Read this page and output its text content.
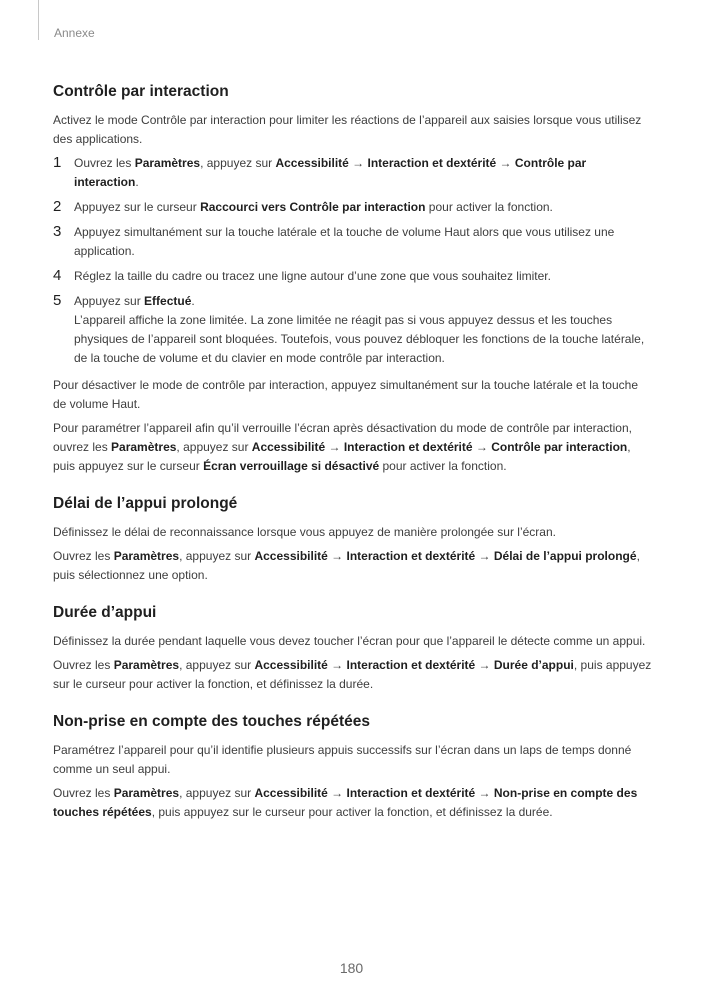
Annexe
Contrôle par interaction

Activez le mode Contrôle par interaction pour limiter les réactions de l’appareil aux saisies lorsque vous utilisez des applications.

1 Ouvrez les Paramètres, appuyez sur Accessibilité → Interaction et dextérité → Contrôle par interaction.
2 Appuyez sur le curseur Raccourci vers Contrôle par interaction pour activer la fonction.
3 Appuyez simultanément sur la touche latérale et la touche de volume Haut alors que vous utilisez une application.
4 Réglez la taille du cadre ou tracez une ligne autour d’une zone que vous souhaitez limiter.
5 Appuyez sur Effectué.
L’appareil affiche la zone limitée. La zone limitée ne réagit pas si vous appuyez dessus et les touches physiques de l’appareil sont bloquées. Toutefois, vous pouvez débloquer les fonctions de la touche latérale, de la touche de volume et du clavier en mode contrôle par interaction.

Pour désactiver le mode de contrôle par interaction, appuyez simultanément sur la touche latérale et la touche de volume Haut.

Pour paramétrer l’appareil afin qu’il verrouille l’écran après désactivation du mode de contrôle par interaction, ouvrez les Paramètres, appuyez sur Accessibilité → Interaction et dextérité → Contrôle par interaction, puis appuyez sur le curseur Écran verrouillage si désactivé pour activer la fonction.

Délai de l’appui prolongé

Définissez le délai de reconnaissance lorsque vous appuyez de manière prolongée sur l’écran.

Ouvrez les Paramètres, appuyez sur Accessibilité → Interaction et dextérité → Délai de l’appui prolongé, puis sélectionnez une option.

Durée d’appui

Définissez la durée pendant laquelle vous devez toucher l’écran pour que l’appareil le détecte comme un appui.

Ouvrez les Paramètres, appuyez sur Accessibilité → Interaction et dextérité → Durée d’appui, puis appuyez sur le curseur pour activer la fonction, et définissez la durée.

Non-prise en compte des touches répétées

Paramétrez l’appareil pour qu’il identifie plusieurs appuis successifs sur l’écran dans un laps de temps donné comme un seul appui.

Ouvrez les Paramètres, appuyez sur Accessibilité → Interaction et dextérité → Non-prise en compte des touches répétées, puis appuyez sur le curseur pour activer la fonction, et définissez la durée.

180
